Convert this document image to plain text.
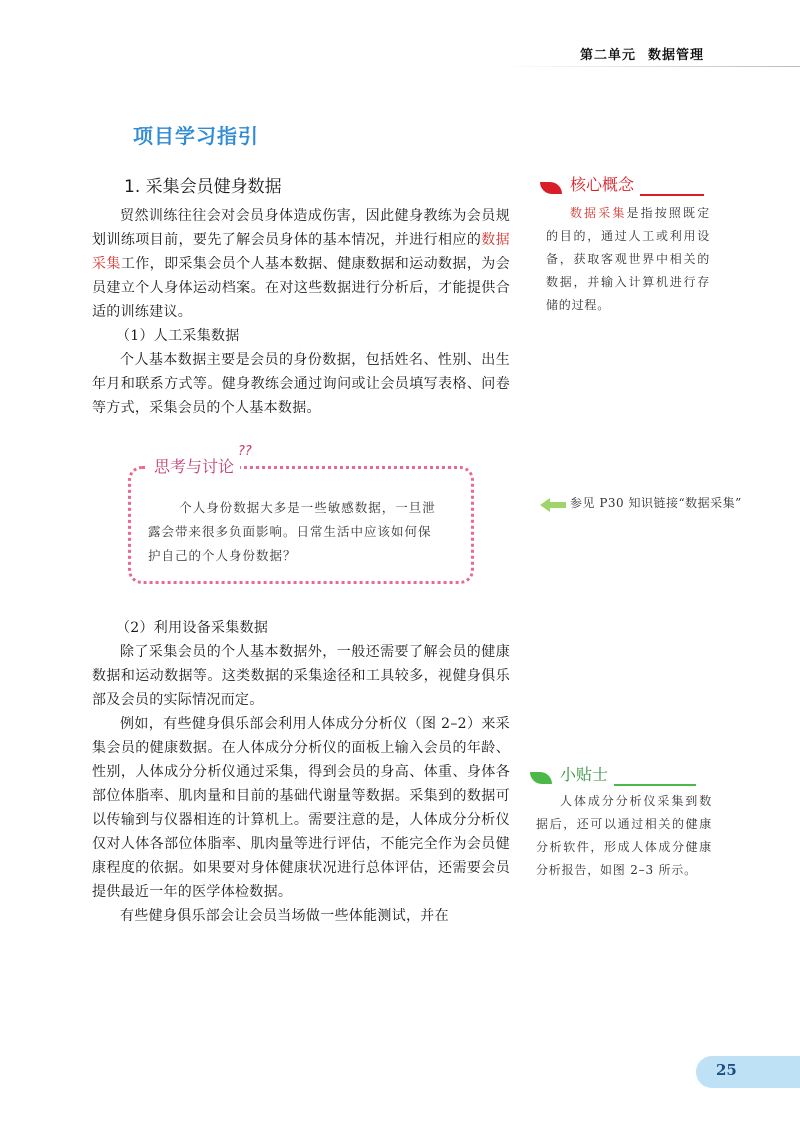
第二单元 数据管理
项目学习指引
1. 采集会员健身数据

贸然训练往往会对会员身体造成伤害，因此健身教练为会员规划训练项目前，要先了解会员身体的基本情况，并进行相应的数据采集工作，即采集会员个人基本数据、健康数据和运动数据，为会员建立个人身体运动档案。在对这些数据进行分析后，才能提供合适的训练建议。

（1）人工采集数据

个人基本数据主要是会员的身份数据，包括姓名、性别、出生年月和联系方式等。健身教练会通过询问或让会员填写表格、问卷等方式，采集会员的个人基本数据。

思考与讨论
??
个人身份数据大多是一些敏感数据，一旦泄露会带来很多负面影响。日常生活中应该如何保护自己的个人身份数据？

（2）利用设备采集数据

除了采集会员的个人基本数据外，一般还需要了解会员的健康数据和运动数据等。这类数据的采集途径和工具较多，视健身俱乐部及会员的实际情况而定。

例如，有些健身俱乐部会利用人体成分分析仪（图 2–2）来采集会员的健康数据。在人体成分分析仪的面板上输入会员的年龄、性别，人体成分分析仪通过采集，得到会员的身高、体重、身体各部位体脂率、肌肉量和目前的基础代谢量等数据。采集到的数据可以传输到与仪器相连的计算机上。需要注意的是，人体成分分析仪仅对人体各部位体脂率、肌肉量等进行评估，不能完全作为会员健康程度的依据。如果要对身体健康状况进行总体评估，还需要会员提供最近一年的医学体检数据。

有些健身俱乐部会让会员当场做一些体能测试，并在

核心概念
数据采集是指按照既定的目的，通过人工或利用设备，获取客观世界中相关的数据，并输入计算机进行存储的过程。
参见 P30 知识链接“数据采集”
小贴士
人体成分分析仪采集到数据后，还可以通过相关的健康分析软件，形成人体成分健康分析报告，如图 2–3 所示。
25
